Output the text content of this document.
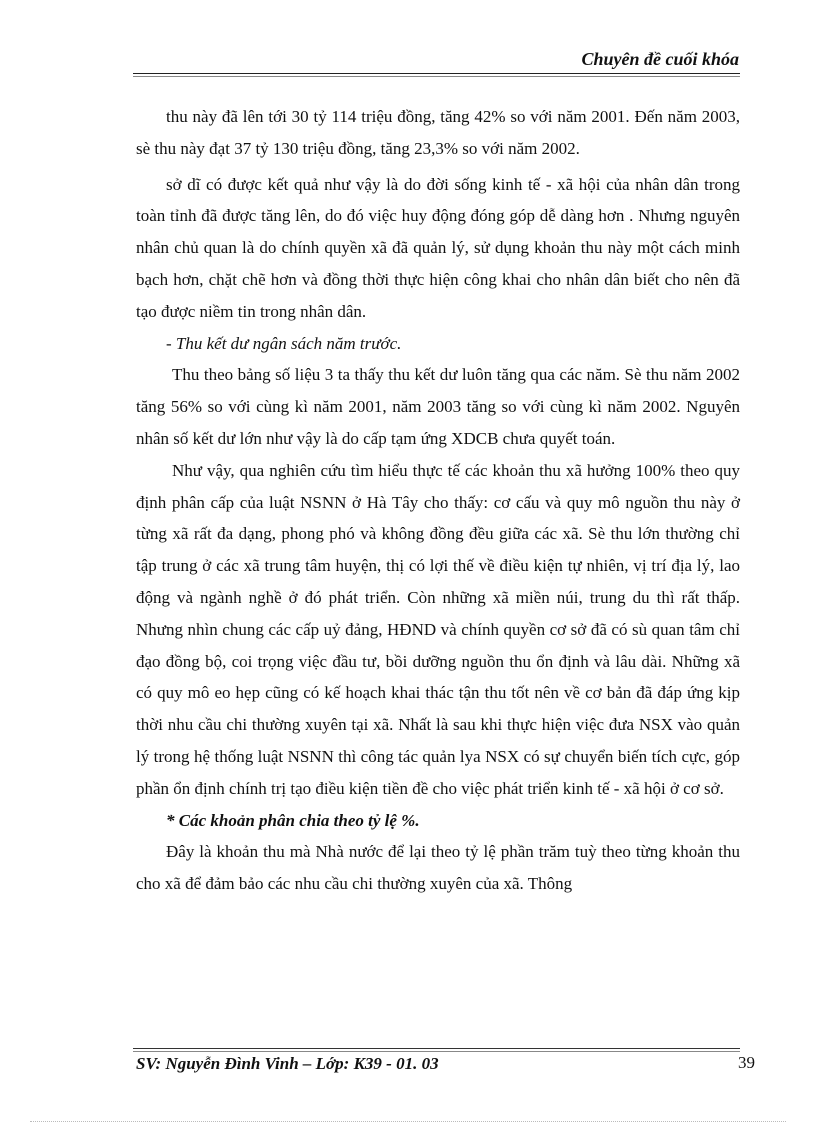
Chuyên đề cuối khóa

thu này đã lên tới 30 tỷ 114 triệu đồng, tăng 42% so với năm 2001. Đến năm 2003, sè thu này đạt 37 tỷ 130 triệu đồng, tăng 23,3% so với năm 2002.

sở dĩ có được kết quả như vậy là do đời sống kinh tế - xã hội của nhân dân trong toàn tỉnh đã được tăng lên, do đó việc huy động đóng góp dễ dàng hơn . Nhưng nguyên nhân chủ quan là do chính quyền xã đã quản lý, sử dụng khoản thu này một cách minh bạch hơn, chặt chẽ hơn và đồng thời thực hiện công khai cho nhân dân biết cho nên đã tạo được niềm tin trong nhân dân.

- Thu kết dư ngân sách năm trước.

Thu theo bảng số liệu 3 ta thấy thu kết dư luôn tăng qua các năm. Sè thu năm 2002 tăng 56% so với cùng kì năm 2001, năm 2003 tăng so với cùng kì năm 2002. Nguyên nhân số kết dư lớn như vậy là do cấp tạm ứng XDCB chưa quyết toán.

Như vậy, qua nghiên cứu tìm hiểu thực tế các khoản thu xã hưởng 100% theo quy định phân cấp của luật NSNN ở Hà Tây cho thấy: cơ cấu và quy mô nguồn thu này ở từng xã rất đa dạng, phong phó và không đồng đều giữa các xã. Sè thu lớn thường chỉ tập trung ở các xã trung tâm huyện, thị có lợi thế về điều kiện tự nhiên, vị trí địa lý, lao động và ngành nghề ở đó phát triển. Còn những xã miền núi, trung du thì rất thấp. Nhưng nhìn chung các cấp uỷ đảng, HĐND và chính quyền cơ sở đã có sù quan tâm chỉ đạo đồng bộ, coi trọng việc đầu tư, bồi dưỡng nguồn thu ổn định và lâu dài. Những xã có quy mô eo hẹp cũng có kế hoạch khai thác tận thu tốt nên về cơ bản đã đáp ứng kịp thời nhu cầu chi thường xuyên tại xã. Nhất là sau khi thực hiện việc đưa NSX vào quản lý trong hệ thống luật NSNN thì công tác quản lya NSX có sự chuyển biến tích cực, góp phần ổn định chính trị tạo điều kiện tiền đề cho việc phát triển kinh tế - xã hội ở cơ sở.

* Các khoản phân chia theo tỷ lệ %.

Đây là khoản thu mà Nhà nước để lại theo tỷ lệ phần trăm tuỳ theo từng khoản thu cho xã để đảm bảo các nhu cầu chi thường xuyên của xã. Thông

SV: Nguyễn Đình Vinh – Lớp: K39 - 01. 03	39
